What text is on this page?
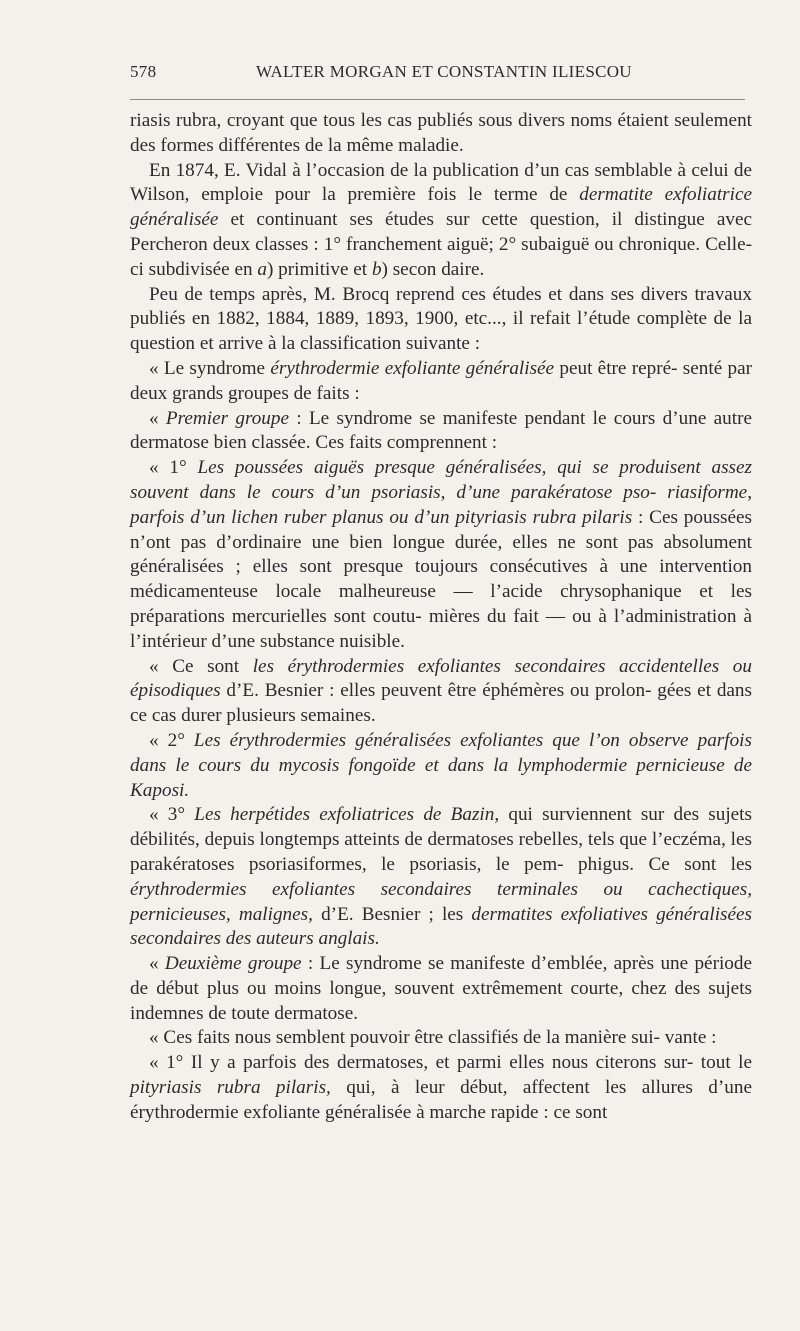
578	WALTER MORGAN ET CONSTANTIN ILIESCOU

riasis rubra, croyant que tous les cas publiés sous divers noms étaient seulement des formes différentes de la même maladie.

En 1874, E. Vidal à l’occasion de la publication d’un cas semblable à celui de Wilson, emploie pour la première fois le terme de dermatite exfoliatrice généralisée et continuant ses études sur cette question, il distingue avec Percheron deux classes : 1° franchement aiguë; 2° subaiguë ou chronique. Celle-ci subdivisée en a) primitive et b) secon daire.

Peu de temps après, M. Brocq reprend ces études et dans ses divers travaux publiés en 1882, 1884, 1889, 1893, 1900, etc..., il refait l’étude complète de la question et arrive à la classification suivante :

« Le syndrome érythrodermie exfoliante généralisée peut être repré- senté par deux grands groupes de faits :

« Premier groupe : Le syndrome se manifeste pendant le cours d’une autre dermatose bien classée. Ces faits comprennent :

« 1° Les poussées aiguës presque généralisées, qui se produisent assez souvent dans le cours d’un psoriasis, d’une parakératose pso- riasiforme, parfois d’un lichen ruber planus ou d’un pityriasis rubra pilaris : Ces poussées n’ont pas d’ordinaire une bien longue durée, elles ne sont pas absolument généralisées ; elles sont presque toujours consécutives à une intervention médicamenteuse locale malheureuse — l’acide chrysophanique et les préparations mercurielles sont coutu- mières du fait — ou à l’administration à l’intérieur d’une substance nuisible.

« Ce sont les érythrodermies exfoliantes secondaires accidentelles ou épisodiques d’E. Besnier : elles peuvent être éphémères ou prolon- gées et dans ce cas durer plusieurs semaines.

« 2° Les érythrodermies généralisées exfoliantes que l’on observe parfois dans le cours du mycosis fongoïde et dans la lymphodermie pernicieuse de Kaposi.

« 3° Les herpétides exfoliatrices de Bazin, qui surviennent sur des sujets débilités, depuis longtemps atteints de dermatoses rebelles, tels que l’eczéma, les parakératoses psoriasiformes, le psoriasis, le pem- phigus. Ce sont les érythrodermies exfoliantes secondaires terminales ou cachectiques, pernicieuses, malignes, d’E. Besnier ; les dermatites exfoliatives généralisées secondaires des auteurs anglais.

« Deuxième groupe : Le syndrome se manifeste d’emblée, après une période de début plus ou moins longue, souvent extrêmement courte, chez des sujets indemnes de toute dermatose.

« Ces faits nous semblent pouvoir être classifiés de la manière sui- vante :

« 1° Il y a parfois des dermatoses, et parmi elles nous citerons sur- tout le pityriasis rubra pilaris, qui, à leur début, affectent les allures d’une érythrodermie exfoliante généralisée à marche rapide : ce sont
